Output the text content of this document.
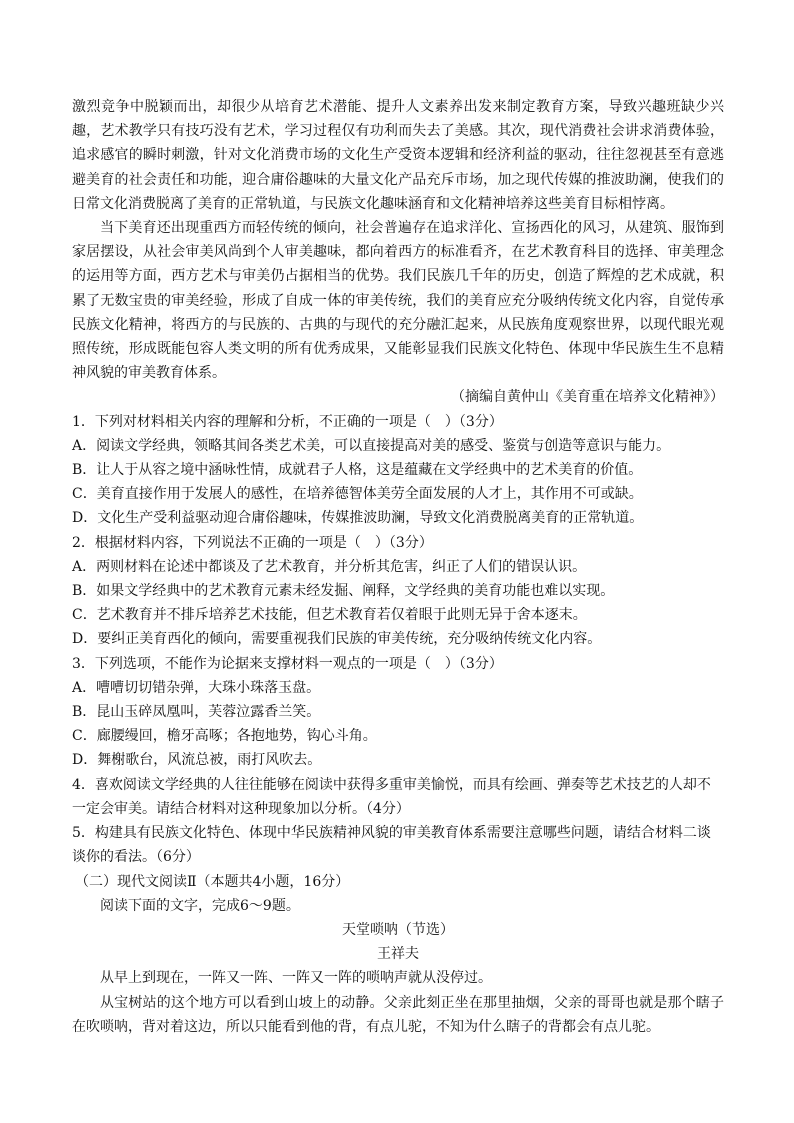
激烈竞争中脱颖而出，却很少从培育艺术潜能、提升人文素养出发来制定教育方案，导致兴趣班缺少兴趣，艺术教学只有技巧没有艺术，学习过程仅有功利而失去了美感。其次，现代消费社会讲求消费体验，追求感官的瞬时刺激，针对文化消费市场的文化生产受资本逻辑和经济利益的驱动，往往忽视甚至有意逃避美育的社会责任和功能，迎合庸俗趣味的大量文化产品充斥市场，加之现代传媒的推波助澜，使我们的日常文化消费脱离了美育的正常轨道，与民族文化趣味涵育和文化精神培养这些美育目标相悖离。

当下美育还出现重西方而轻传统的倾向，社会普遍存在追求洋化、宣扬西化的风习，从建筑、服饰到家居摆设，从社会审美风尚到个人审美趣味，都向着西方的标准看齐，在艺术教育科目的选择、审美理念的运用等方面，西方艺术与审美仍占据相当的优势。我们民族几千年的历史，创造了辉煌的艺术成就，积累了无数宝贵的审美经验，形成了自成一体的审美传统，我们的美育应充分吸纳传统文化内容，自觉传承民族文化精神，将西方的与民族的、古典的与现代的充分融汇起来，从民族角度观察世界，以现代眼光观照传统，形成既能包容人类文明的所有优秀成果，又能彰显我们民族文化特色、体现中华民族生生不息精神风貌的审美教育体系。

（摘编自黄仲山《美育重在培养文化精神》）

1．下列对材料相关内容的理解和分析，不正确的一项是（　）（3分）

A．阅读文学经典，领略其间各类艺术美，可以直接提高对美的感受、鉴赏与创造等意识与能力。

B．让人于从容之境中涵咏性情，成就君子人格，这是蕴藏在文学经典中的艺术美育的价值。

C．美育直接作用于发展人的感性，在培养德智体美劳全面发展的人才上，其作用不可或缺。

D．文化生产受利益驱动迎合庸俗趣味，传媒推波助澜，导致文化消费脱离美育的正常轨道。

2．根据材料内容，下列说法不正确的一项是（　）（3分）

A．两则材料在论述中都谈及了艺术教育，并分析其危害，纠正了人们的错误认识。

B．如果文学经典中的艺术教育元素未经发掘、阐释，文学经典的美育功能也难以实现。

C．艺术教育并不排斥培养艺术技能，但艺术教育若仅着眼于此则无异于舍本逐末。

D．要纠正美育西化的倾向，需要重视我们民族的审美传统，充分吸纳传统文化内容。

3．下列选项，不能作为论据来支撑材料一观点的一项是（　）（3分）

A．嘈嘈切切错杂弹，大珠小珠落玉盘。

B．昆山玉碎凤凰叫，芙蓉泣露香兰笑。

C．廊腰缦回，檐牙高啄；各抱地势，钩心斗角。

D．舞榭歌台，风流总被，雨打风吹去。

4．喜欢阅读文学经典的人往往能够在阅读中获得多重审美愉悦，而具有绘画、弹奏等艺术技艺的人却不一定会审美。请结合材料对这种现象加以分析。（4分）

5．构建具有民族文化特色、体现中华民族精神风貌的审美教育体系需要注意哪些问题，请结合材料二谈谈你的看法。（6分）

（二）现代文阅读Ⅱ（本题共4小题，16分）

阅读下面的文字，完成6～9题。

天堂唢呐（节选）

王祥夫

从早上到现在，一阵又一阵、一阵又一阵的唢呐声就从没停过。

从宝树站的这个地方可以看到山坡上的动静。父亲此刻正坐在那里抽烟，父亲的哥哥也就是那个瞎子在吹唢呐，背对着这边，所以只能看到他的背，有点儿驼，不知为什么瞎子的背都会有点儿驼。
